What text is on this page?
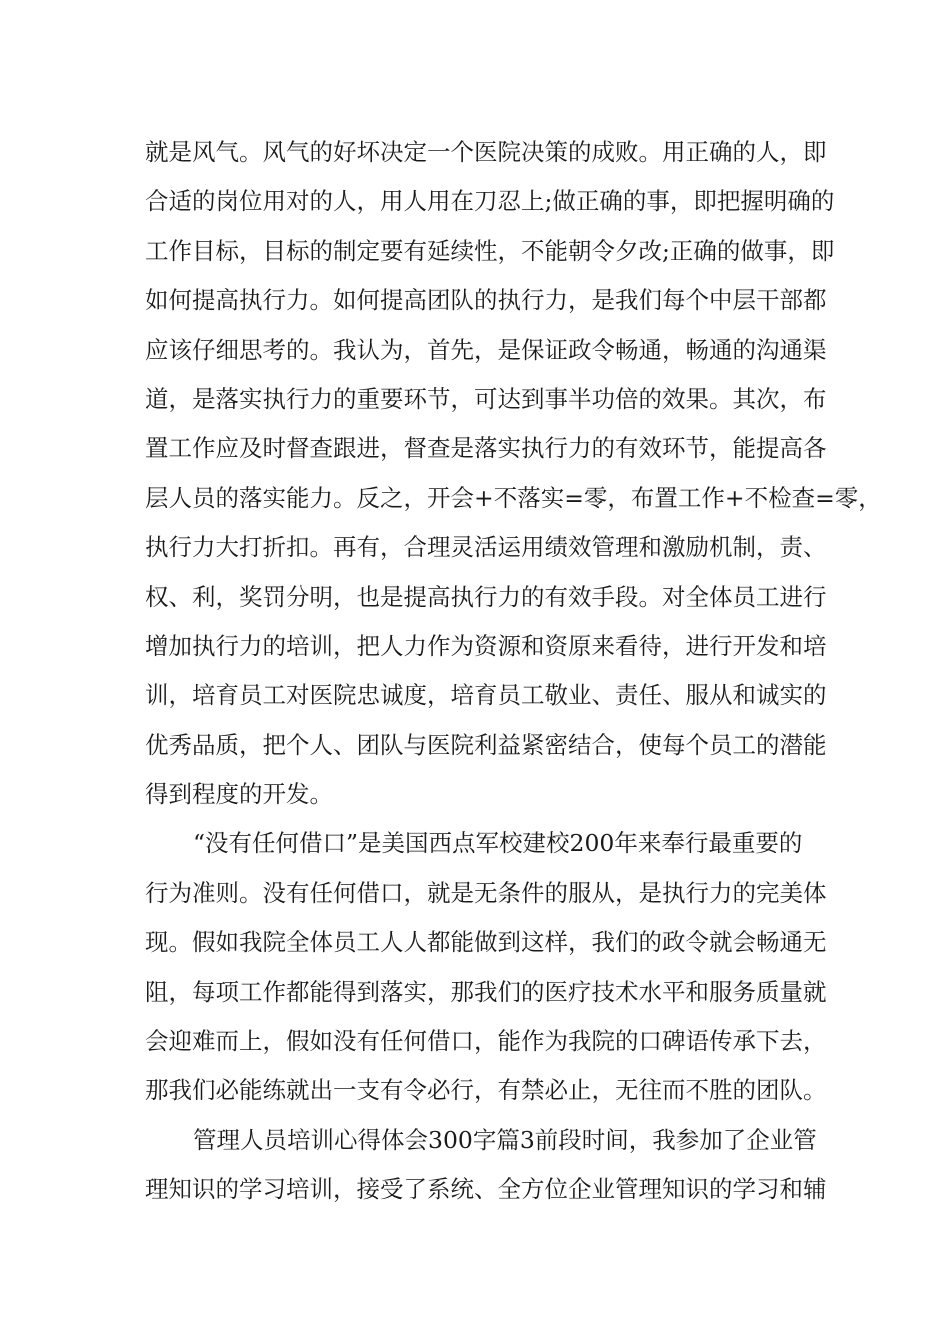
就是风气。风气的好坏决定一个医院决策的成败。用正确的人，即
合适的岗位用对的人，用人用在刀忍上;做正确的事，即把握明确的
工作目标，目标的制定要有延续性，不能朝令夕改;正确的做事，即
如何提高执行力。如何提高团队的执行力，是我们每个中层干部都
应该仔细思考的。我认为，首先，是保证政令畅通，畅通的沟通渠
道，是落实执行力的重要环节，可达到事半功倍的效果。其次，布
置工作应及时督查跟进，督查是落实执行力的有效环节，能提高各
层人员的落实能力。反之，开会+不落实=零，布置工作+不检查=零，
执行力大打折扣。再有，合理灵活运用绩效管理和激励机制，责、
权、利，奖罚分明，也是提高执行力的有效手段。对全体员工进行
增加执行力的培训，把人力作为资源和资原来看待，进行开发和培
训，培育员工对医院忠诚度，培育员工敬业、责任、服从和诚实的
优秀品质，把个人、团队与医院利益紧密结合，使每个员工的潜能
得到程度的开发。
“没有任何借口”是美国西点军校建校200年来奉行最重要的
行为准则。没有任何借口，就是无条件的服从，是执行力的完美体
现。假如我院全体员工人人都能做到这样，我们的政令就会畅通无
阻，每项工作都能得到落实，那我们的医疗技术水平和服务质量就
会迎难而上，假如没有任何借口，能作为我院的口碑语传承下去，
那我们必能练就出一支有令必行，有禁必止，无往而不胜的团队。
管理人员培训心得体会300字篇3前段时间，我参加了企业管
理知识的学习培训，接受了系统、全方位企业管理知识的学习和辅
